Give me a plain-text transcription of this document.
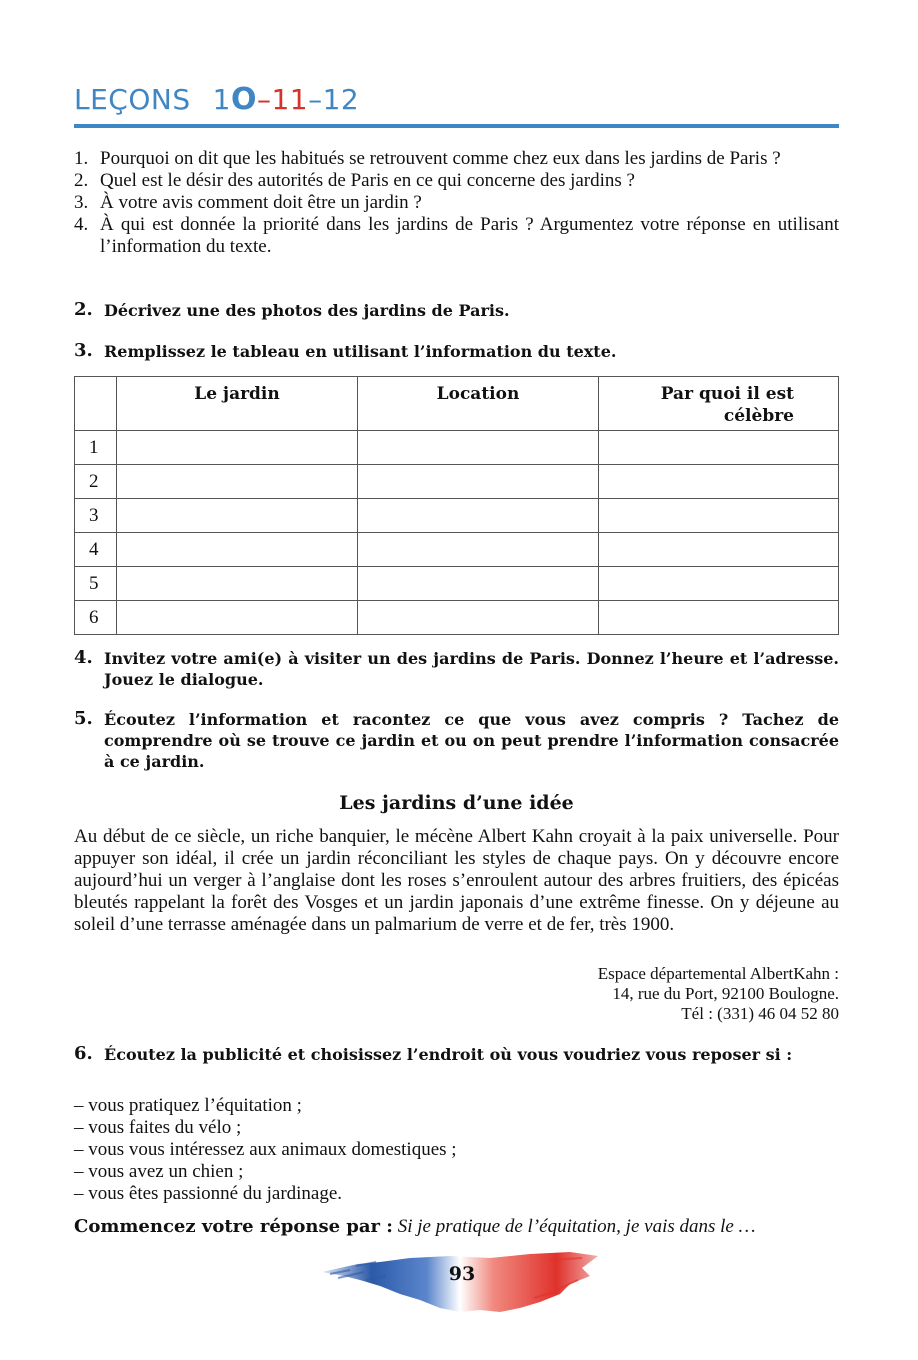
LEÇONS 1O–11–12
1. Pourquoi on dit que les habitués se retrouvent comme chez eux dans les jardins de Paris ?
2. Quel est le désir des autorités de Paris en ce qui concerne des jardins ?
3. À votre avis comment doit être un jardin ?
4. À qui est donnée la priorité dans les jardins de Paris ? Argumentez votre réponse en utilisant l’information du texte.
2. Décrivez une des photos des jardins de Paris.
3. Remplissez le tableau en utilisant l’information du texte.
	Le jardin	Location	Par quoi il est
célèbre
1			
2			
3			
4			
5			
6			
4. Invitez votre ami(e) à visiter un des jardins de Paris. Donnez l’heure et l’adresse. Jouez le dialogue.
5. Écoutez l’information et racontez ce que vous avez compris ? Tachez de comprendre où se trouve ce jardin et ou on peut prendre l’information consacrée à ce jardin.
Les jardins d’une idée

Au début de ce siècle, un riche banquier, le mécène Albert Kahn croyait à la paix universelle. Pour appuyer son idéal, il crée un jardin réconciliant les styles de chaque pays. On y découvre encore aujourd’hui un verger à l’anglaise dont les roses s’enroulent autour des arbres fruitiers, des épicéas bleutés rappelant la forêt des Vosges et un jardin japonais d’une extrême finesse. On y déjeune au soleil d’une terrasse aménagée dans un palmarium de verre et de fer, très 1900.

Espace départemental AlbertKahn :
14, rue du Port, 92100 Boulogne.
Tél : (331) 46 04 52 80
6. Écoutez la publicité et choisissez l’endroit où vous voudriez vous reposer si :
– vous pratiquez l’équitation ;
– vous faites du vélo ;
– vous vous intéressez aux animaux domestiques ;
– vous avez un chien ;
– vous êtes passionné du jardinage.
Commencez votre réponse par : Si je pratique de l’équitation, je vais dans le …
93
